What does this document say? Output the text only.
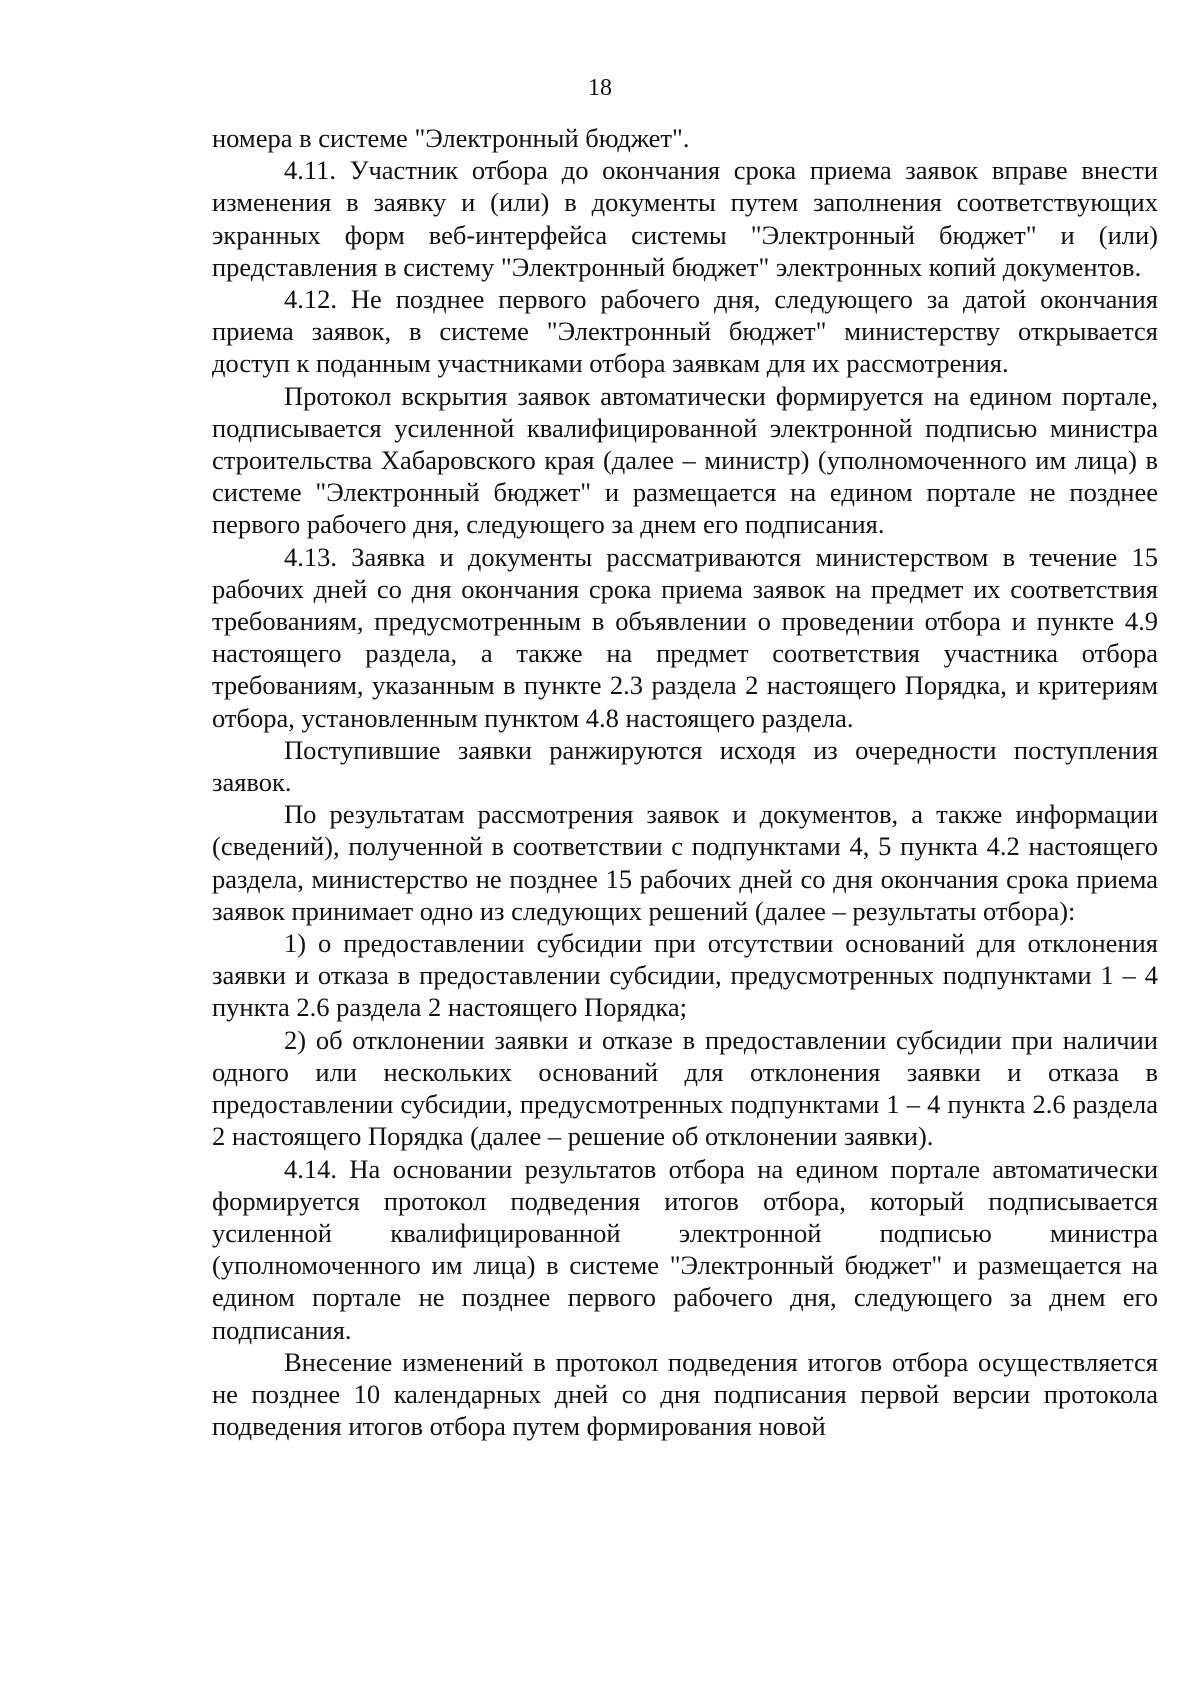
18

номера в системе "Электронный бюджет".

4.11. Участник отбора до окончания срока приема заявок вправе внести изменения в заявку и (или) в документы путем заполнения соответствующих экранных форм веб-интерфейса системы "Электронный бюджет" и (или) представления в систему "Электронный бюджет" электронных копий документов.

4.12. Не позднее первого рабочего дня, следующего за датой окончания приема заявок, в системе "Электронный бюджет" министерству открывается доступ к поданным участниками отбора заявкам для их рассмотрения.

Протокол вскрытия заявок автоматически формируется на едином портале, подписывается усиленной квалифицированной электронной подписью министра строительства Хабаровского края (далее – министр) (уполномоченного им лица) в системе "Электронный бюджет" и размещается на едином портале не позднее первого рабочего дня, следующего за днем его подписания.

4.13. Заявка и документы рассматриваются министерством в течение 15 рабочих дней со дня окончания срока приема заявок на предмет их соответствия требованиям, предусмотренным в объявлении о проведении отбора и пункте 4.9 настоящего раздела, а также на предмет соответствия участника отбора требованиям, указанным в пункте 2.3 раздела 2 настоящего Порядка, и критериям отбора, установленным пунктом 4.8 настоящего раздела.

Поступившие заявки ранжируются исходя из очередности поступления заявок.

По результатам рассмотрения заявок и документов, а также информации (сведений), полученной в соответствии с подпунктами 4, 5 пункта 4.2 настоящего раздела, министерство не позднее 15 рабочих дней со дня окончания срока приема заявок принимает одно из следующих решений (далее – результаты отбора):

1) о предоставлении субсидии при отсутствии оснований для отклонения заявки и отказа в предоставлении субсидии, предусмотренных подпунктами 1 – 4 пункта 2.6 раздела 2 настоящего Порядка;

2) об отклонении заявки и отказе в предоставлении субсидии при наличии одного или нескольких оснований для отклонения заявки и отказа в предоставлении субсидии, предусмотренных подпунктами 1 – 4 пункта 2.6 раздела 2 настоящего Порядка (далее – решение об отклонении заявки).

4.14. На основании результатов отбора на едином портале автоматически формируется протокол подведения итогов отбора, который подписывается усиленной квалифицированной электронной подписью министра (уполномоченного им лица) в системе "Электронный бюджет" и размещается на едином портале не позднее первого рабочего дня, следующего за днем его подписания.

Внесение изменений в протокол подведения итогов отбора осуществляется не позднее 10 календарных дней со дня подписания первой версии протокола подведения итогов отбора путем формирования новой
